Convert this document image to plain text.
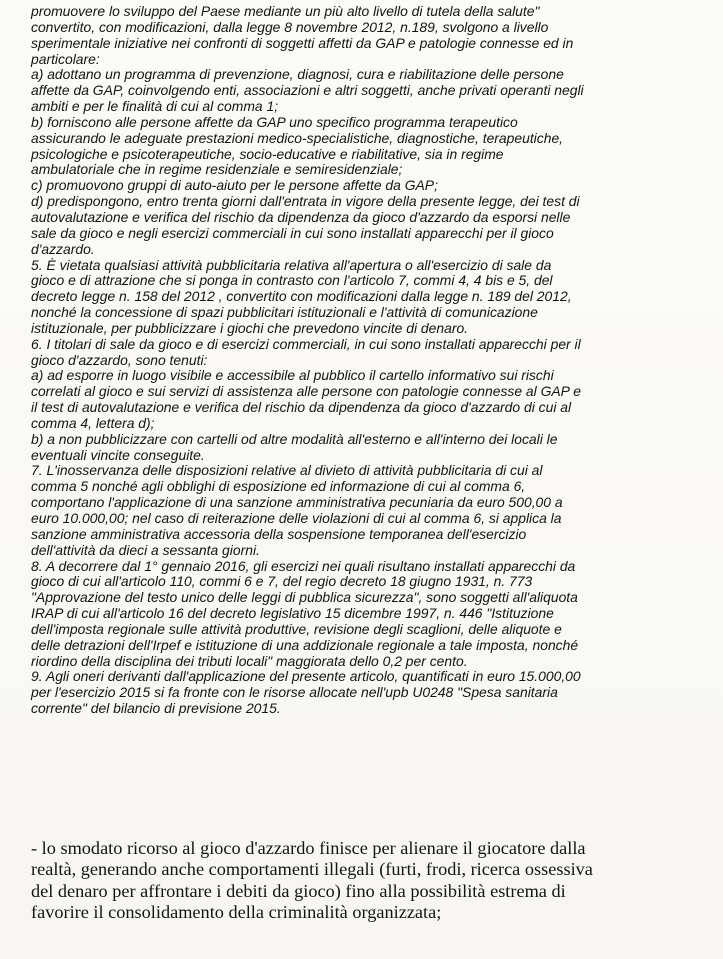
promuovere lo sviluppo del Paese mediante un più alto livello di tutela della salute"
convertito, con modificazioni, dalla legge 8 novembre 2012, n.189, svolgono a livello
sperimentale iniziative nei confronti di soggetti affetti da GAP e patologie connesse ed in
particolare:
a) adottano un programma di prevenzione, diagnosi, cura e riabilitazione delle persone
affette da GAP, coinvolgendo enti, associazioni e altri soggetti, anche privati operanti negli
ambiti e per le finalità di cui al comma 1;
b) forniscono alle persone affette da GAP uno specifico programma terapeutico
assicurando le adeguate prestazioni medico-specialistiche, diagnostiche, terapeutiche,
psicologiche e psicoterapeutiche, socio-educative e riabilitative, sia in regime
ambulatoriale che in regime residenziale e semiresidenziale;
c) promuovono gruppi di auto-aiuto per le persone affette da GAP;
d) predispongono, entro trenta giorni dall'entrata in vigore della presente legge, dei test di
autovalutazione e verifica del rischio da dipendenza da gioco d'azzardo da esporsi nelle
sale da gioco e negli esercizi commerciali in cui sono installati apparecchi per il gioco
d'azzardo.
5. È vietata qualsiasi attività pubblicitaria relativa all'apertura o all'esercizio di sale da
gioco e di attrazione che si ponga in contrasto con l'articolo 7, commi 4, 4 bis e 5, del
decreto legge n. 158 del 2012 , convertito con modificazioni dalla legge n. 189 del 2012,
nonché la concessione di spazi pubblicitari istituzionali e l'attività di comunicazione
istituzionale, per pubblicizzare i giochi che prevedono vincite di denaro.
6. I titolari di sale da gioco e di esercizi commerciali, in cui sono installati apparecchi per il
gioco d'azzardo, sono tenuti:
a) ad esporre in luogo visibile e accessibile al pubblico il cartello informativo sui rischi
correlati al gioco e sui servizi di assistenza alle persone con patologie connesse al GAP e
il test di autovalutazione e verifica del rischio da dipendenza da gioco d'azzardo di cui al
comma 4, lettera d);
b) a non pubblicizzare con cartelli od altre modalità all'esterno e all'interno dei locali le
eventuali vincite conseguite.
7. L'inosservanza delle disposizioni relative al divieto di attività pubblicitaria di cui al
comma 5 nonché agli obblighi di esposizione ed informazione di cui al comma 6,
comportano l'applicazione di una sanzione amministrativa pecuniaria da euro 500,00 a
euro 10.000,00; nel caso di reiterazione delle violazioni di cui al comma 6, si applica la
sanzione amministrativa accessoria della sospensione temporanea dell'esercizio
dell'attività da dieci a sessanta giorni.
8. A decorrere dal 1° gennaio 2016, gli esercizi nei quali risultano installati apparecchi da
gioco di cui all'articolo 110, commi 6 e 7, del regio decreto 18 giugno 1931, n. 773
"Approvazione del testo unico delle leggi di pubblica sicurezza", sono soggetti all'aliquota
IRAP di cui all'articolo 16 del decreto legislativo 15 dicembre 1997, n. 446 "Istituzione
dell'imposta regionale sulle attività produttive, revisione degli scaglioni, delle aliquote e
delle detrazioni dell'Irpef e istituzione di una addizionale regionale a tale imposta, nonché
riordino della disciplina dei tributi locali" maggiorata dello 0,2 per cento.
9. Agli oneri derivanti dall'applicazione del presente articolo, quantificati in euro 15.000,00
per l'esercizio 2015 si fa fronte con le risorse allocate nell'upb U0248 "Spesa sanitaria
corrente" del bilancio di previsione 2015.
- lo smodato ricorso al gioco d'azzardo finisce per alienare il giocatore dalla
realtà, generando anche comportamenti illegali (furti, frodi, ricerca ossessiva
del denaro per affrontare i debiti da gioco) fino alla possibilità estrema di
favorire il consolidamento della criminalità organizzata;
